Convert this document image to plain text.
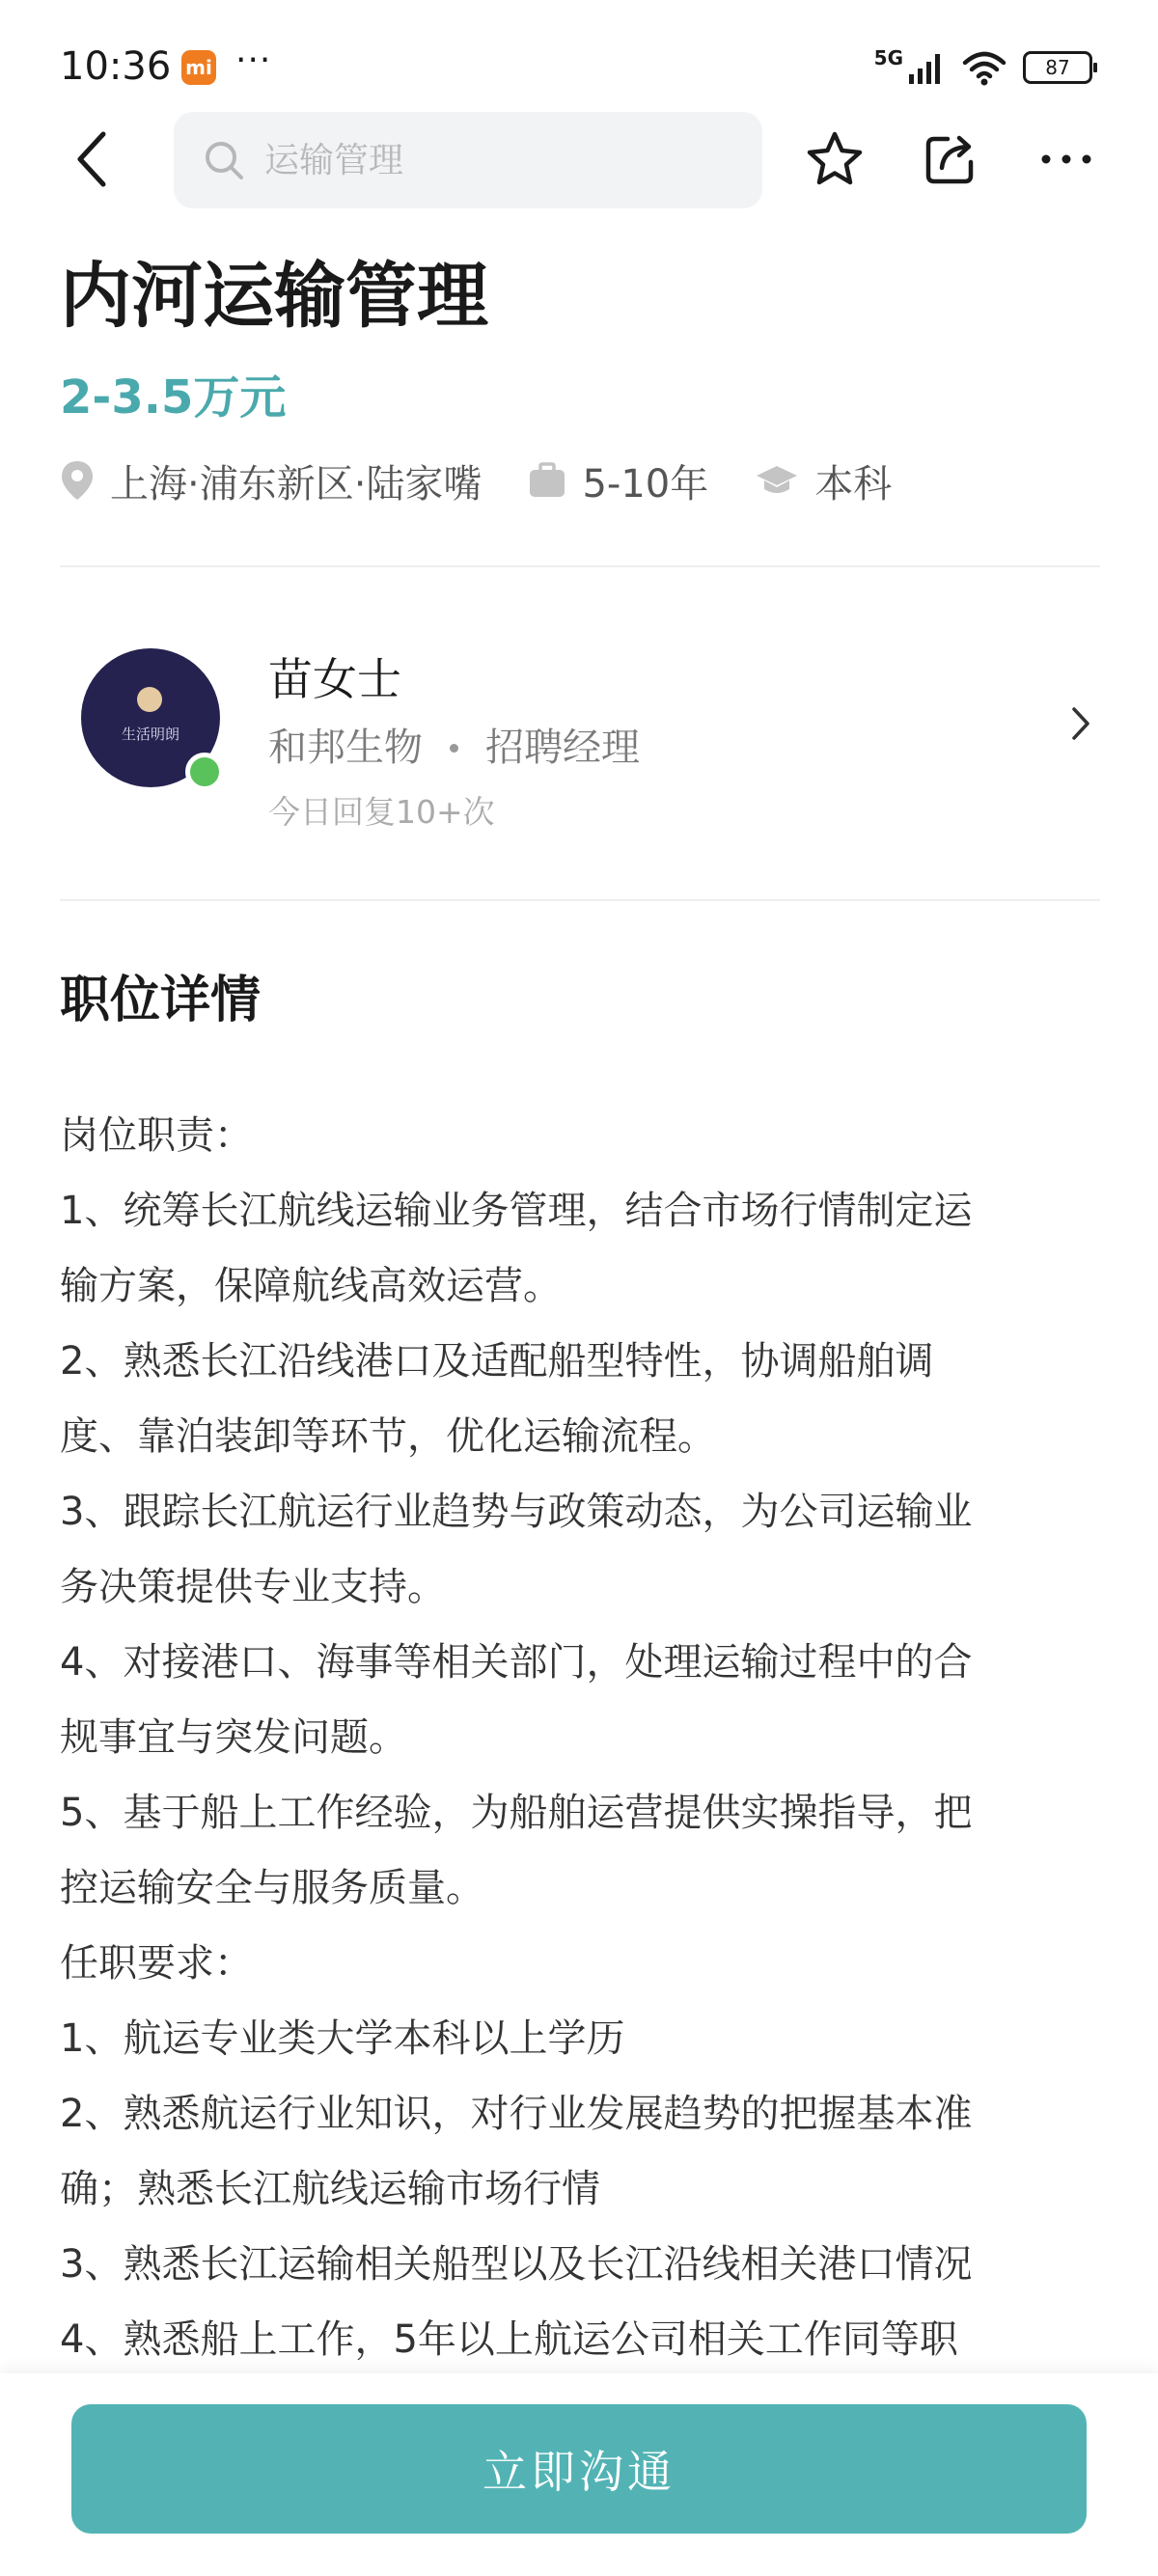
10:36 mi ···	5G	87
运输管理
内河运输管理
2-3.5万元
上海·浦东新区·陆家嘴	5-10年	本科
生活明朗
苗女士
和邦生物 招聘经理
今日回复10+次
职位详情
岗位职责：
1、统筹长江航线运输业务管理，结合市场行情制定运
输方案，保障航线高效运营。
2、熟悉长江沿线港口及适配船型特性，协调船舶调
度、靠泊装卸等环节，优化运输流程。
3、跟踪长江航运行业趋势与政策动态，为公司运输业
务决策提供专业支持。
4、对接港口、海事等相关部门，处理运输过程中的合
规事宜与突发问题。
5、基于船上工作经验，为船舶运营提供实操指导，把
控运输安全与服务质量。
任职要求：
1、航运专业类大学本科以上学历
2、熟悉航运行业知识，对行业发展趋势的把握基本准
确；熟悉长江航线运输市场行情
3、熟悉长江运输相关船型以及长江沿线相关港口情况
4、熟悉船上工作，5年以上航运公司相关工作同等职
立即沟通
